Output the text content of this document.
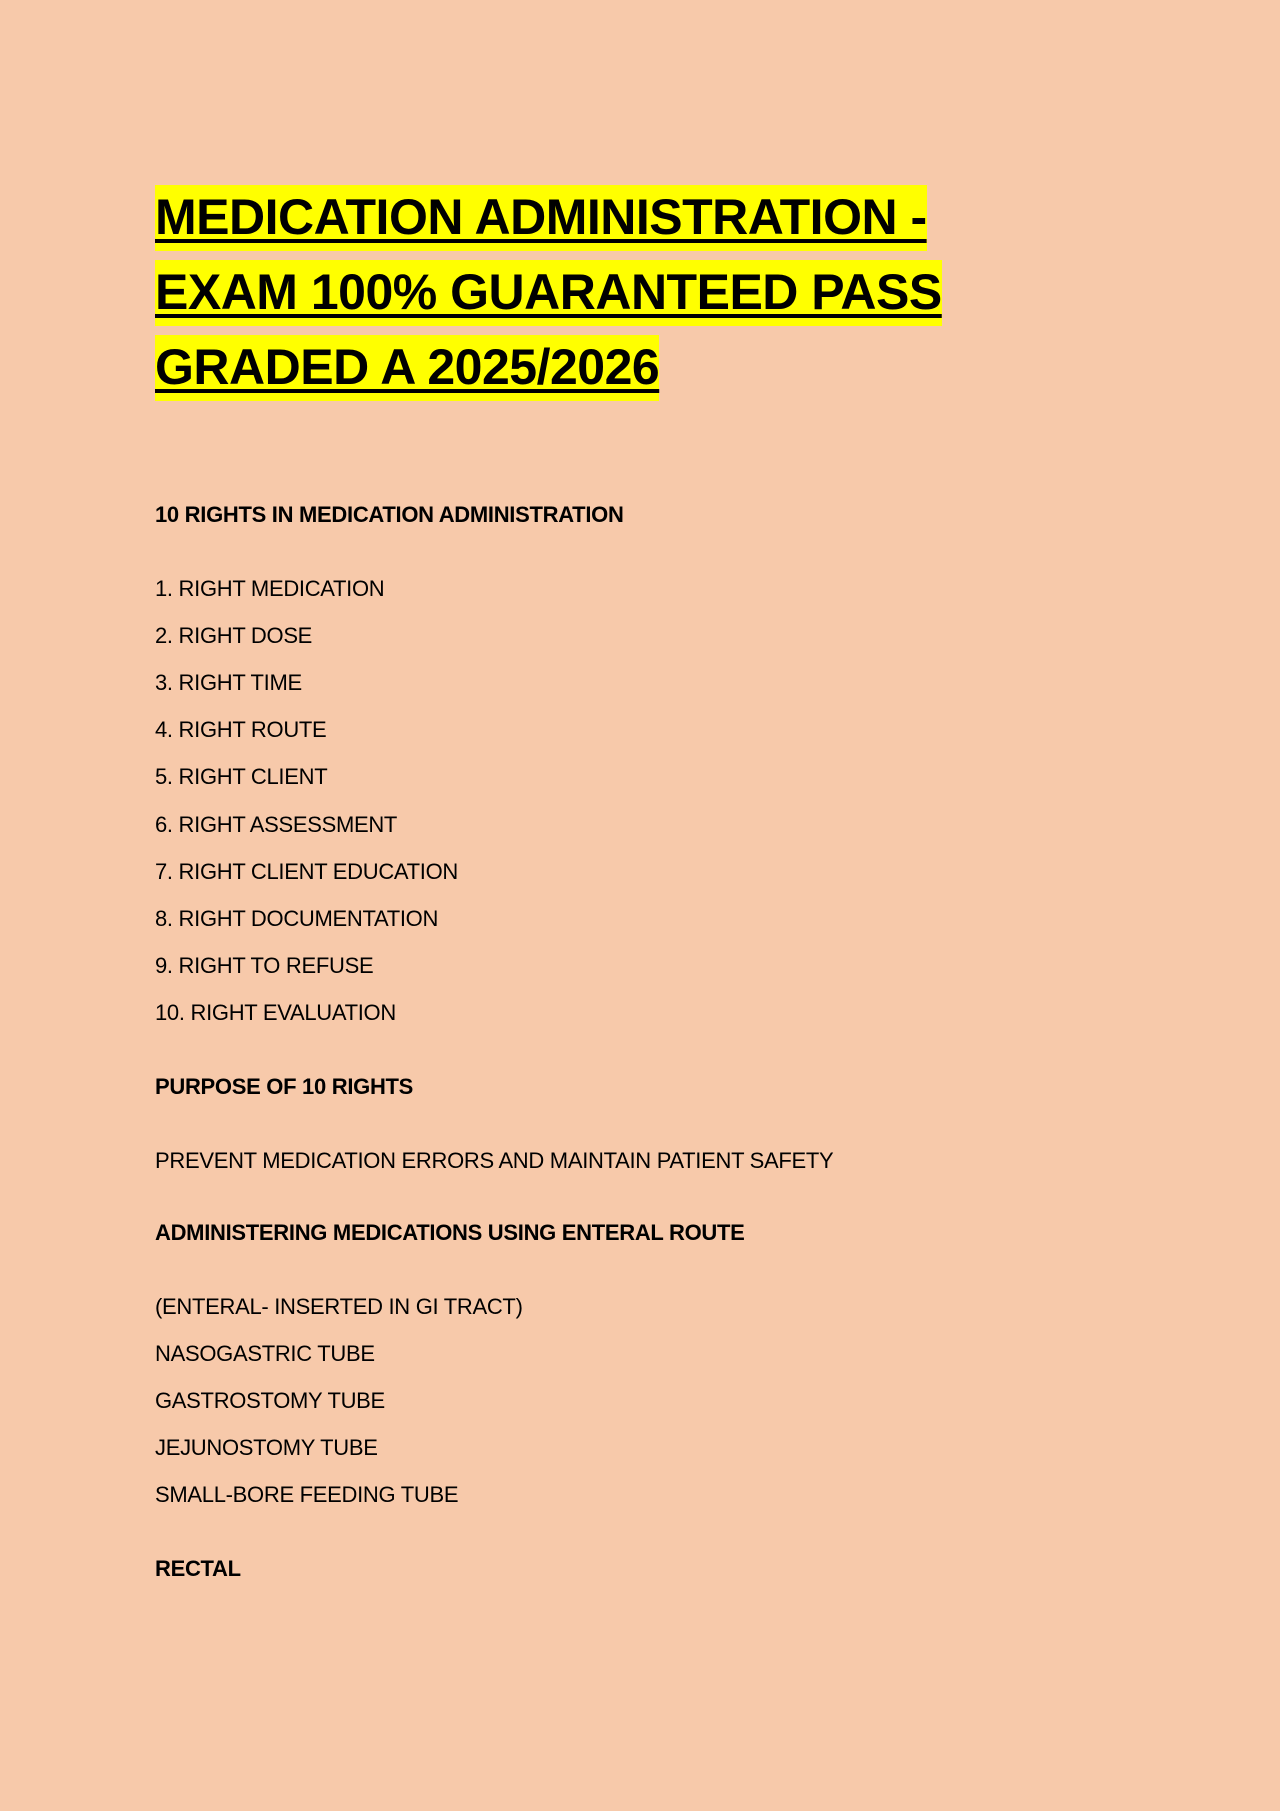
MEDICATION ADMINISTRATION -
EXAM 100% GUARANTEED PASS
GRADED A 2025/2026
10 RIGHTS IN MEDICATION ADMINISTRATION
1. RIGHT MEDICATION
2. RIGHT DOSE
3. RIGHT TIME
4. RIGHT ROUTE
5. RIGHT CLIENT
6. RIGHT ASSESSMENT
7. RIGHT CLIENT EDUCATION
8. RIGHT DOCUMENTATION
9. RIGHT TO REFUSE
10. RIGHT EVALUATION
PURPOSE OF 10 RIGHTS
PREVENT MEDICATION ERRORS AND MAINTAIN PATIENT SAFETY
ADMINISTERING MEDICATIONS USING ENTERAL ROUTE
(ENTERAL- INSERTED IN GI TRACT)
NASOGASTRIC TUBE
GASTROSTOMY TUBE
JEJUNOSTOMY TUBE
SMALL-BORE FEEDING TUBE
RECTAL
